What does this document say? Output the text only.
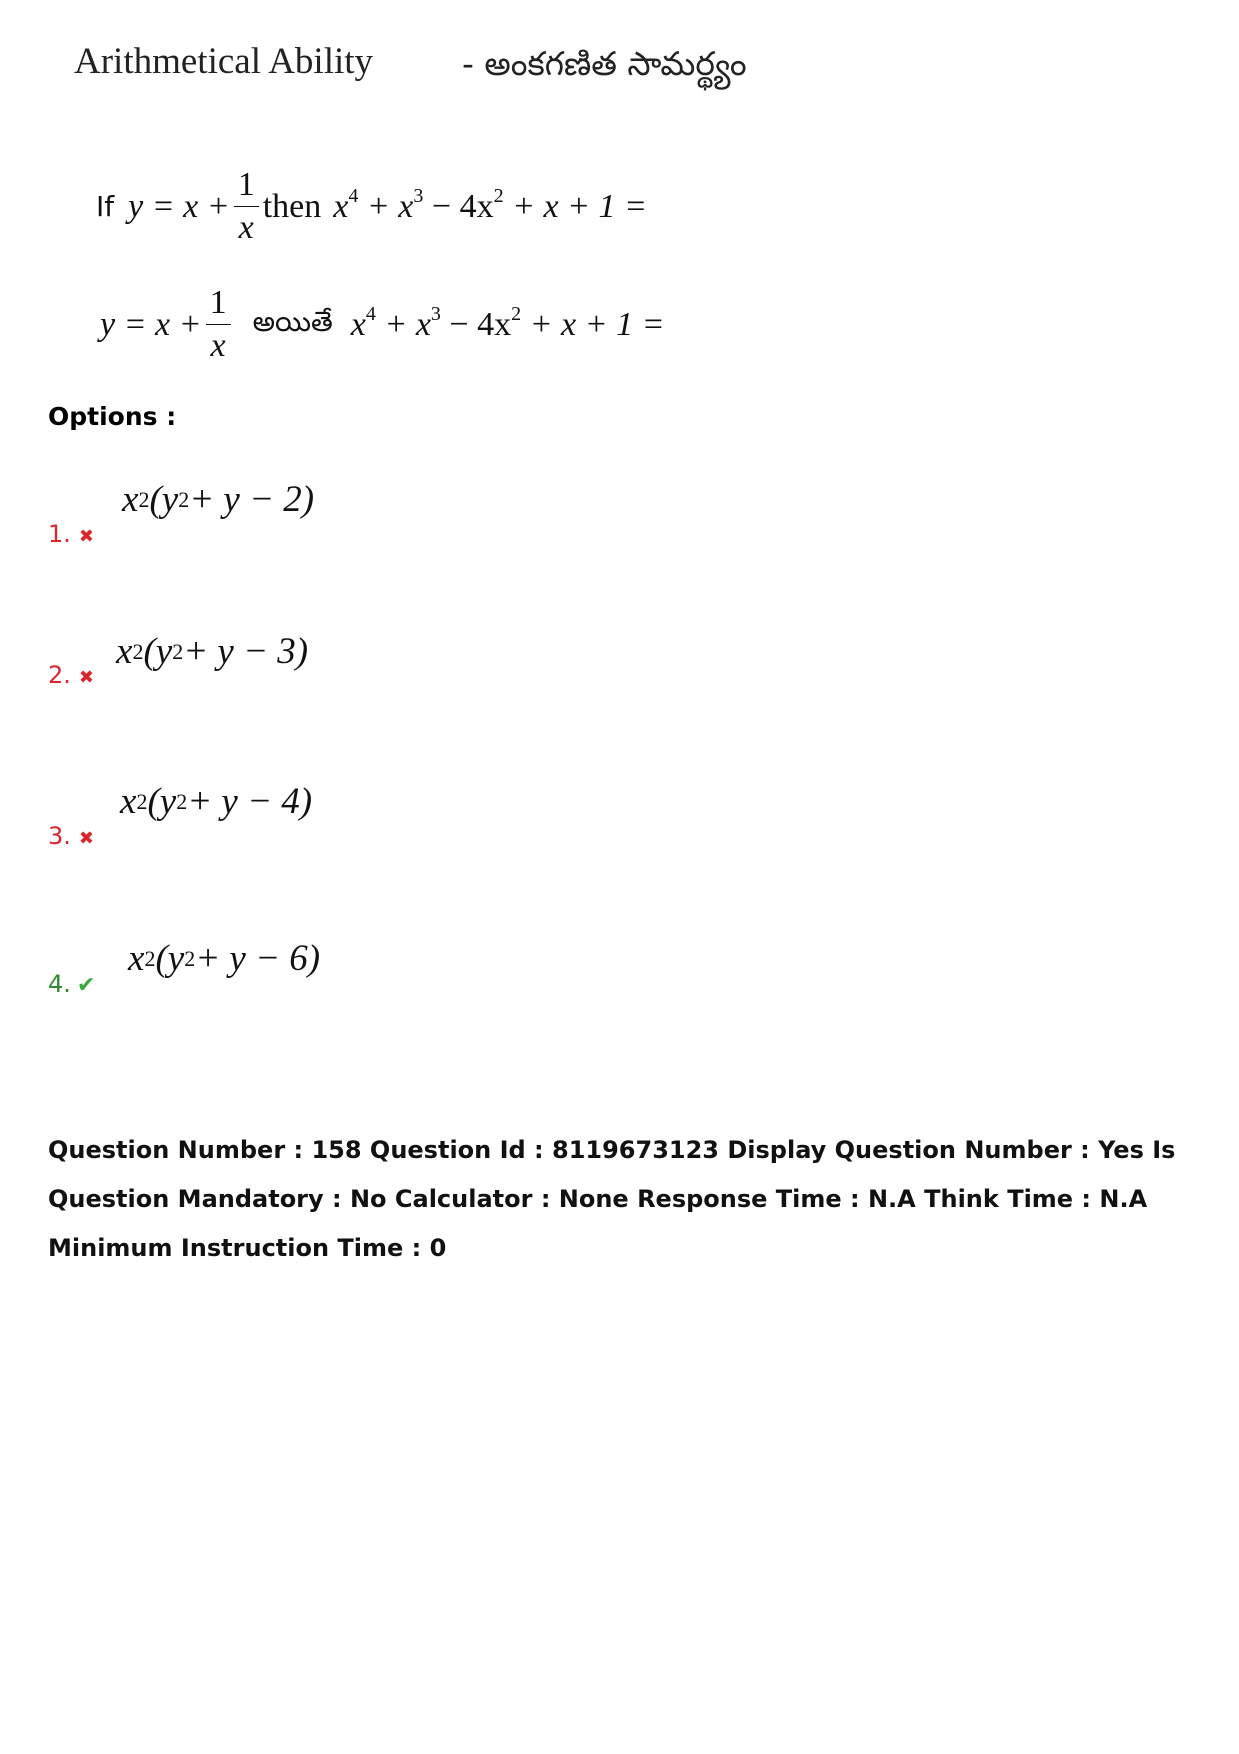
Arithmetical Ability	- అంకగణిత సామర్థ్యం
If $y = x + \frac{1}{x}$ then $x^4 + x^3 - 4x^2 + x + 1$ =
$y = x + \frac{1}{x}$ అయితే $x^4 + x^3 - 4x^2 + x + 1$ =
Options :
1. ✖
x 2 (y 2 + y − 2)
2. ✖
x 2 (y 2 + y − 3)
3. ✖
x 2 (y 2 + y − 4)
4. ✔
x 2 (y 2 + y − 6)
Question Number : 158 Question Id : 8119673123 Display Question Number : Yes Is Question Mandatory : No Calculator : None Response Time : N.A Think Time : N.A Minimum Instruction Time : 0
